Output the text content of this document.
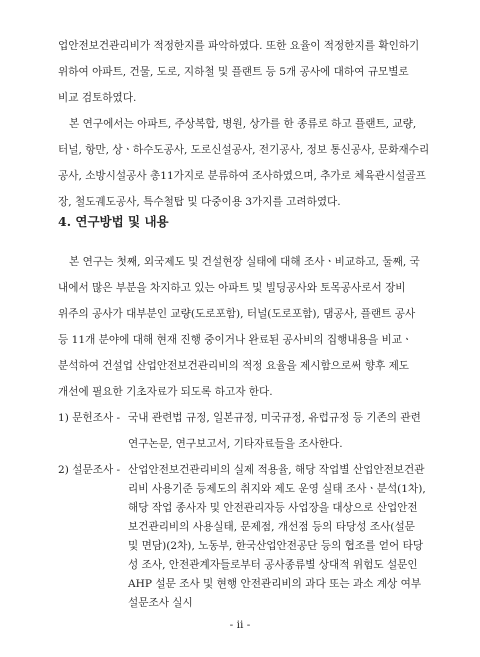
업안전보건관리비가 적정한지를 파악하였다. 또한 요율이 적정한지를 확인하기
위하여 아파트, 건물, 도로, 지하철 및 플랜트 등 5개 공사에 대하여 규모별로
비교 검토하였다.
본 연구에서는 아파트, 주상복합, 병원, 상가를 한 종류로 하고 플랜트, 교량,
터널, 항만, 상ㆍ하수도공사, 도로신설공사, 전기공사, 정보 통신공사, 문화재수리
공사, 소방시설공사 총11가지로 분류하여 조사하였으며, 추가로 체육관시설골프
장, 철도궤도공사, 특수철탑 및 다중이용 3가지를 고려하였다.
4. 연구방법 및 내용
본 연구는 첫째, 외국제도 및 건설현장 실태에 대해 조사ㆍ비교하고, 둘째, 국
내에서 많은 부분을 차지하고 있는 아파트 및 빌딩공사와 토목공사로서 장비
위주의 공사가 대부분인 교량(도로포함), 터널(도로포함), 댐공사, 플랜트 공사
등 11개 분야에 대해 현재 진행 중이거나 완료된 공사비의 집행내용을 비교ㆍ
분석하여 건설업 산업안전보건관리비의 적정 요율을 제시함으로써 향후 제도
개선에 필요한 기초자료가 되도록 하고자 한다.
1) 문헌조사 - 국내 관련법 규정, 일본규정, 미국규정, 유럽규정 등 기존의 관련
연구논문, 연구보고서, 기타자료들을 조사한다.
2) 설문조사 - 산업안전보건관리비의 실제 적용율, 해당 작업별 산업안전보건관
리비 사용기준 등제도의 취지와 제도 운영 실태 조사ㆍ분석(1차),
해당 작업 종사자 및 안전관리자등 사업장을 대상으로 산업안전
보건관리비의 사용실태, 문제점, 개선점 등의 타당성 조사(설문
및 면담)(2차), 노동부, 한국산업안전공단 등의 협조를 얻어 타당
성 조사, 안전관계자들로부터 공사종류별 상대적 위험도 설문인
AHP 설문 조사 및 현행 안전관리비의 과다 또는 과소 계상 여부
설문조사 실시
- ii -
